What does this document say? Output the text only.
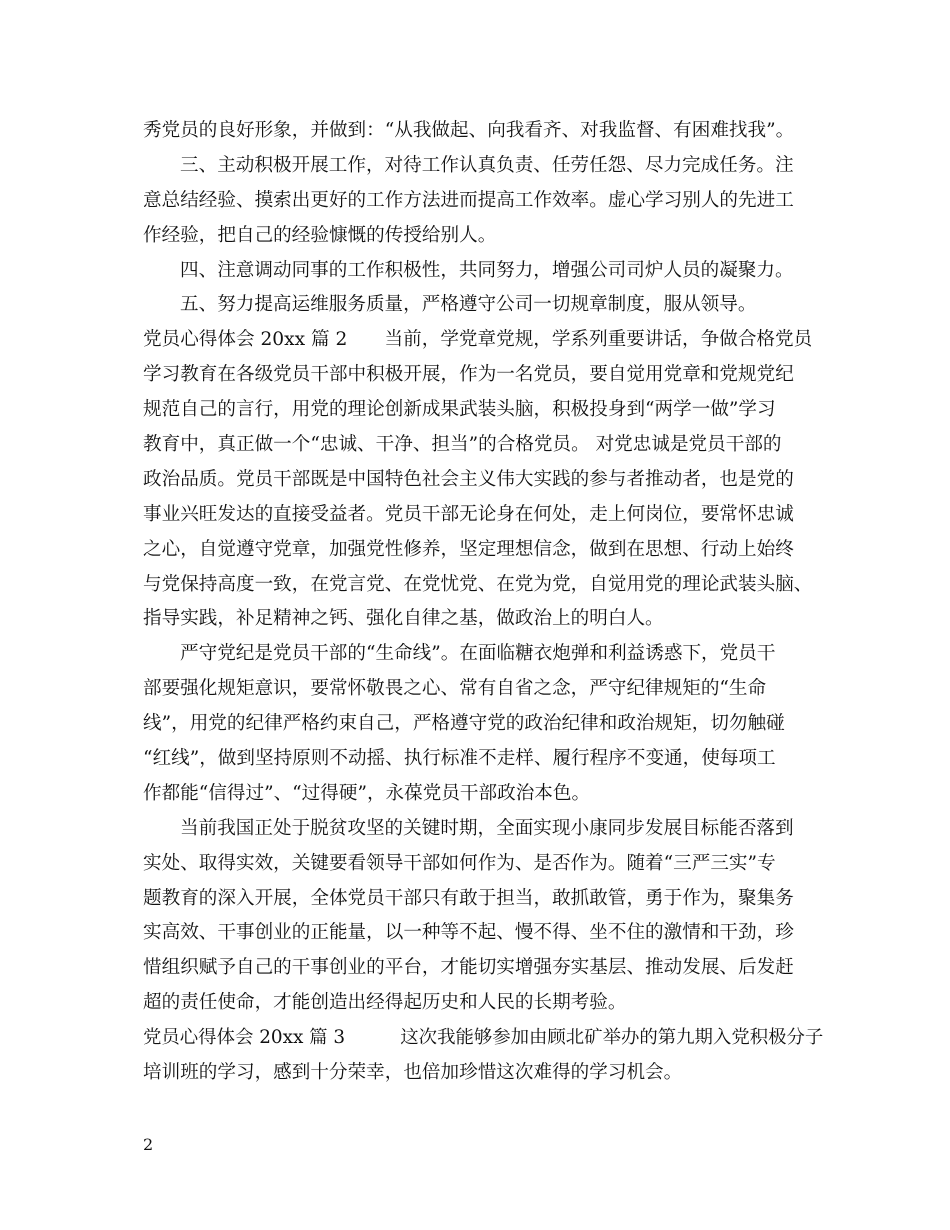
秀党员的良好形象，并做到：“从我做起、向我看齐、对我监督、有困难找我”。
三、主动积极开展工作，对待工作认真负责、任劳任怨、尽力完成任务。注
意总结经验、摸索出更好的工作方法进而提高工作效率。虚心学习别人的先进工
作经验，把自己的经验慷慨的传授给别人。
四、注意调动同事的工作积极性，共同努力，增强公司司炉人员的凝聚力。
五、努力提高运维服务质量，严格遵守公司一切规章制度，服从领导。
党员心得体会 20xx 篇 2　　当前，学党章党规，学系列重要讲话，争做合格党员
学习教育在各级党员干部中积极开展，作为一名党员，要自觉用党章和党规党纪
规范自己的言行，用党的理论创新成果武装头脑，积极投身到“两学一做”学习
教育中，真正做一个“忠诚、干净、担当”的合格党员。 对党忠诚是党员干部的
政治品质。党员干部既是中国特色社会主义伟大实践的参与者推动者，也是党的
事业兴旺发达的直接受益者。党员干部无论身在何处，走上何岗位，要常怀忠诚
之心，自觉遵守党章，加强党性修养，坚定理想信念，做到在思想、行动上始终
与党保持高度一致，在党言党、在党忧党、在党为党，自觉用党的理论武装头脑、
指导实践，补足精神之钙、强化自律之基，做政治上的明白人。
严守党纪是党员干部的“生命线”。在面临糖衣炮弹和利益诱惑下，党员干
部要强化规矩意识，要常怀敬畏之心、常有自省之念，严守纪律规矩的“生命
线”，用党的纪律严格约束自己，严格遵守党的政治纪律和政治规矩，切勿触碰
“红线”，做到坚持原则不动摇、执行标准不走样、履行程序不变通，使每项工
作都能“信得过”、“过得硬”，永葆党员干部政治本色。
当前我国正处于脱贫攻坚的关键时期，全面实现小康同步发展目标能否落到
实处、取得实效，关键要看领导干部如何作为、是否作为。随着“三严三实”专
题教育的深入开展，全体党员干部只有敢于担当，敢抓敢管，勇于作为，聚集务
实高效、干事创业的正能量，以一种等不起、慢不得、坐不住的激情和干劲，珍
惜组织赋予自己的干事创业的平台，才能切实增强夯实基层、推动发展、后发赶
超的责任使命，才能创造出经得起历史和人民的长期考验。
党员心得体会 20xx 篇 3　　　这次我能够参加由顾北矿举办的第九期入党积极分子
培训班的学习，感到十分荣幸，也倍加珍惜这次难得的学习机会。
2
